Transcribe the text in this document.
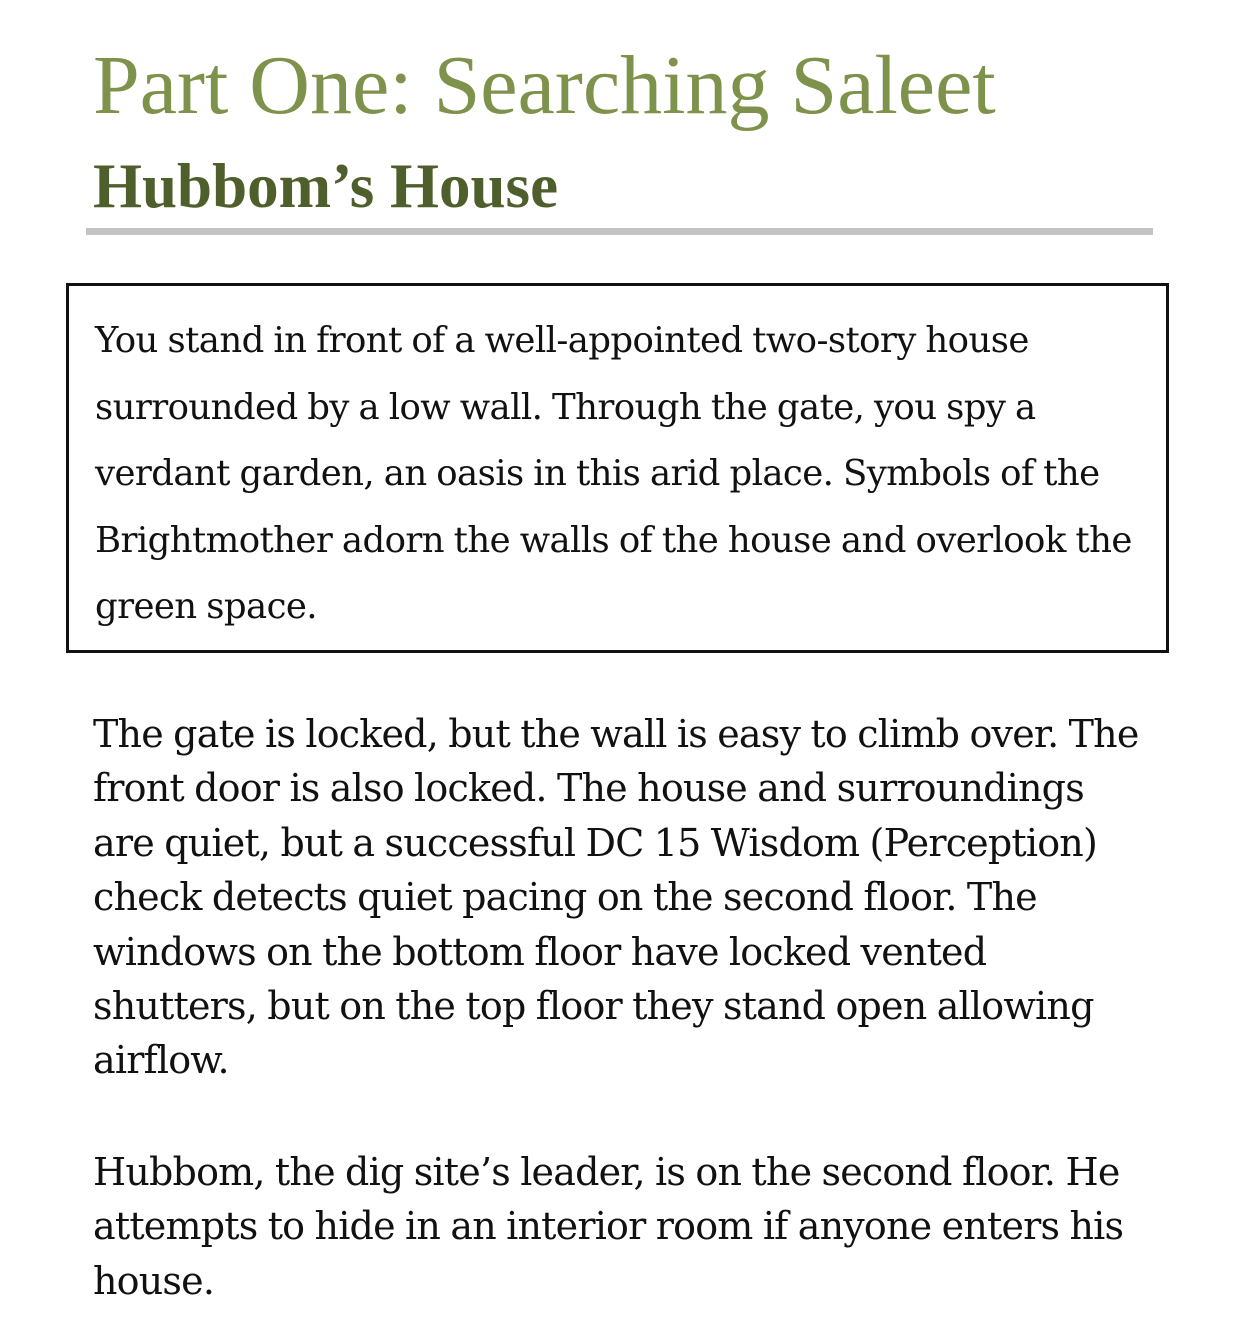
Part One: Searching Saleet
Hubbom’s House

You stand in front of a well-appointed two-story house surrounded by a low wall. Through the gate, you spy a verdant garden, an oasis in this arid place. Symbols of the Brightmother adorn the walls of the house and overlook the green space.

The gate is locked, but the wall is easy to climb over. The front door is also locked. The house and surroundings are quiet, but a successful DC 15 Wisdom (Perception) check detects quiet pacing on the second floor. The windows on the bottom floor have locked vented shutters, but on the top floor they stand open allowing airflow.

Hubbom, the dig site’s leader, is on the second floor. He attempts to hide in an interior room if anyone enters his house.
